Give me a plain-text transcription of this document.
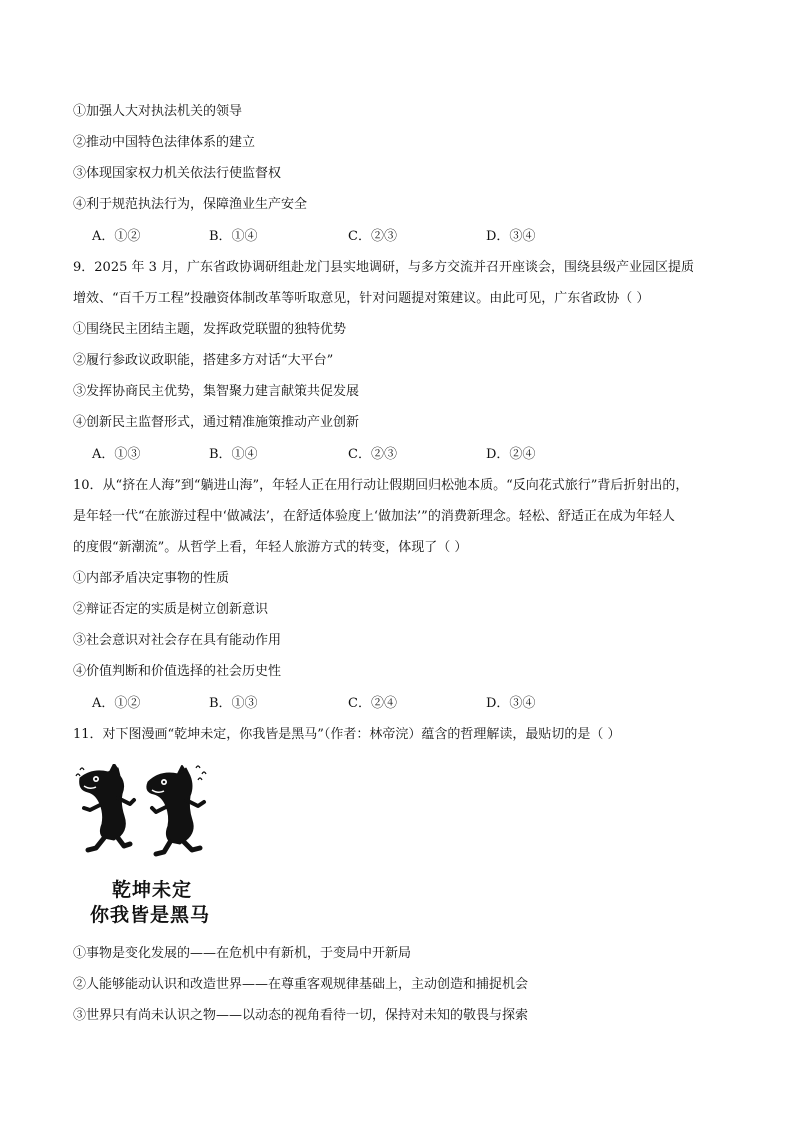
①加强人大对执法机关的领导
②推动中国特色法律体系的建立
③体现国家权力机关依法行使监督权
④利于规范执法行为，保障渔业生产安全
A．①②	B．①④	C．②③	D．③④
9．2025 年 3 月，广东省政协调研组赴龙门县实地调研，与多方交流并召开座谈会，围绕县级产业园区提质
增效、“百千万工程”投融资体制改革等听取意见，针对问题提对策建议。由此可见，广东省政协（ ）
①围绕民主团结主题，发挥政党联盟的独特优势
②履行参政议政职能，搭建多方对话“大平台”
③发挥协商民主优势，集智聚力建言献策共促发展
④创新民主监督形式，通过精准施策推动产业创新
A．①③	B．①④	C．②③	D．②④
10．从“挤在人海”到“躺进山海”，年轻人正在用行动让假期回归松弛本质。“反向花式旅行”背后折射出的，
是年轻一代“在旅游过程中‘做减法’，在舒适体验度上‘做加法’”的消费新理念。轻松、舒适正在成为年轻人
的度假“新潮流”。从哲学上看，年轻人旅游方式的转变，体现了（ ）
①内部矛盾决定事物的性质
②辩证否定的实质是树立创新意识
③社会意识对社会存在具有能动作用
④价值判断和价值选择的社会历史性
A．①②	B．①③	C．②④	D．③④
11．对下图漫画“乾坤未定，你我皆是黑马”（作者：林帝浣）蕴含的哲理解读，最贴切的是（ ）
乾坤未定
你我皆是黑马
①事物是变化发展的——在危机中有新机，于变局中开新局
②人能够能动认识和改造世界——在尊重客观规律基础上，主动创造和捕捉机会
③世界只有尚未认识之物——以动态的视角看待一切，保持对未知的敬畏与探索
